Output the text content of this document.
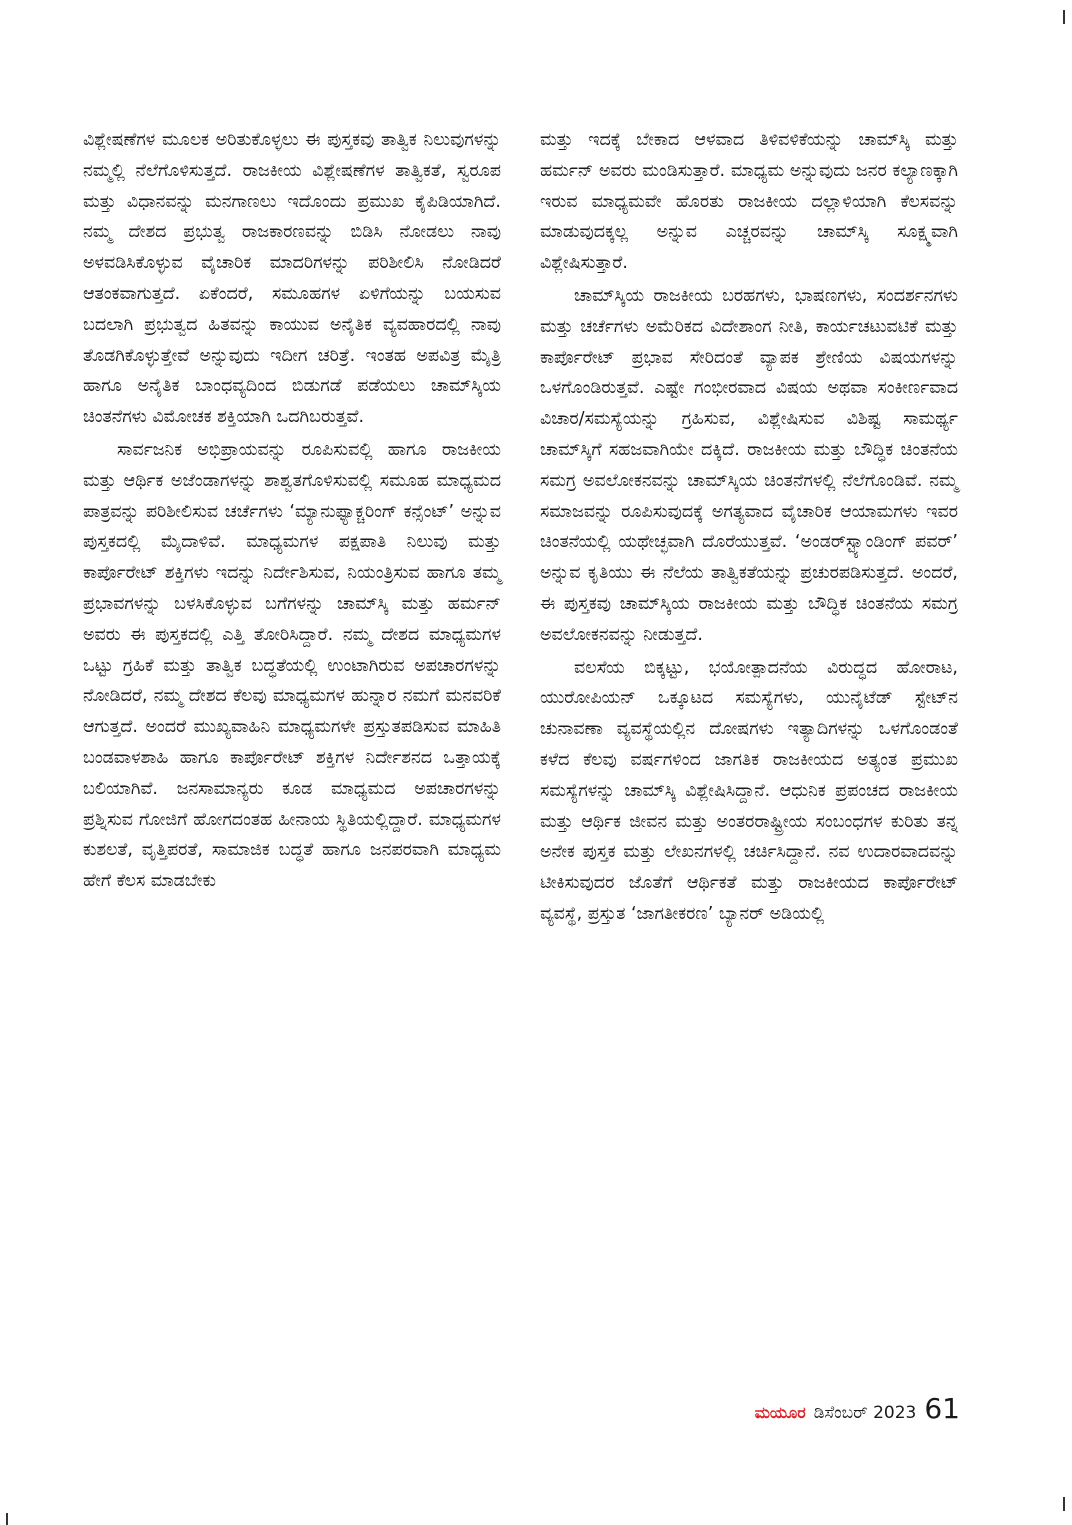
ವಿಶ್ಲೇಷಣೆಗಳ ಮೂಲಕ ಅರಿತುಕೊಳ್ಳಲು ಈ ಪುಸ್ತಕವು ತಾತ್ವಿಕ ನಿಲುವುಗಳನ್ನು ನಮ್ಮಲ್ಲಿ ನೆಲೆಗೊಳಿಸುತ್ತದೆ. ರಾಜಕೀಯ ವಿಶ್ಲೇಷಣೆಗಳ ತಾತ್ವಿಕತೆ, ಸ್ವರೂಪ ಮತ್ತು ವಿಧಾನವನ್ನು ಮನಗಾಣಲು ಇದೊಂದು ಪ್ರಮುಖ ಕೈಪಿಡಿಯಾಗಿದೆ. ನಮ್ಮ ದೇಶದ ಪ್ರಭುತ್ವ ರಾಜಕಾರಣವನ್ನು ಬಿಡಿಸಿ ನೋಡಲು ನಾವು ಅಳವಡಿಸಿಕೊಳ್ಳುವ ವೈಚಾರಿಕ ಮಾದರಿಗಳನ್ನು ಪರಿಶೀಲಿಸಿ ನೋಡಿದರೆ ಆತಂಕವಾಗುತ್ತದೆ. ಏಕೆಂದರೆ, ಸಮೂಹಗಳ ಏಳಿಗೆಯನ್ನು ಬಯಸುವ ಬದಲಾಗಿ ಪ್ರಭುತ್ವದ ಹಿತವನ್ನು ಕಾಯುವ ಅನೈತಿಕ ವ್ಯವಹಾರದಲ್ಲಿ ನಾವು ತೊಡಗಿಕೊಳ್ಳುತ್ತೇವೆ ಅನ್ನುವುದು ಇದೀಗ ಚರಿತ್ರೆ. ಇಂತಹ ಅಪವಿತ್ರ ಮೈತ್ರಿ ಹಾಗೂ ಅನೈತಿಕ ಬಾಂಧವ್ಯದಿಂದ ಬಿಡುಗಡೆ ಪಡೆಯಲು ಚಾಮ್‌ಸ್ಕಿಯ ಚಿಂತನೆಗಳು ವಿಮೋಚಕ ಶಕ್ತಿಯಾಗಿ ಒದಗಿಬರುತ್ತವೆ.

ಸಾರ್ವಜನಿಕ ಅಭಿಪ್ರಾಯವನ್ನು ರೂಪಿಸುವಲ್ಲಿ ಹಾಗೂ ರಾಜಕೀಯ ಮತ್ತು ಆರ್ಥಿಕ ಅಜೆಂಡಾಗಳನ್ನು ಶಾಶ್ವತಗೊಳಿಸುವಲ್ಲಿ ಸಮೂಹ ಮಾಧ್ಯಮದ ಪಾತ್ರವನ್ನು ಪರಿಶೀಲಿಸುವ ಚರ್ಚೆಗಳು ‘ಮ್ಯಾನುಫ್ಯಾಕ್ಚರಿಂಗ್ ಕನ್ಸೆಂಟ್’ ಅನ್ನುವ ಪುಸ್ತಕದಲ್ಲಿ ಮೈದಾಳಿವೆ. ಮಾಧ್ಯಮಗಳ ಪಕ್ಷಪಾತಿ ನಿಲುವು ಮತ್ತು ಕಾರ್ಪೊರೇಟ್ ಶಕ್ತಿಗಳು ಇದನ್ನು ನಿರ್ದೇಶಿಸುವ, ನಿಯಂತ್ರಿಸುವ ಹಾಗೂ ತಮ್ಮ ಪ್ರಭಾವಗಳನ್ನು ಬಳಸಿಕೊಳ್ಳುವ ಬಗೆಗಳನ್ನು ಚಾಮ್‌ಸ್ಕಿ ಮತ್ತು ಹರ್ಮನ್ ಅವರು ಈ ಪುಸ್ತಕದಲ್ಲಿ ಎತ್ತಿ ತೋರಿಸಿದ್ದಾರೆ. ನಮ್ಮ ದೇಶದ ಮಾಧ್ಯಮಗಳ ಒಟ್ಟು ಗ್ರಹಿಕೆ ಮತ್ತು ತಾತ್ವಿಕ ಬದ್ಧತೆಯಲ್ಲಿ ಉಂಟಾಗಿರುವ ಅಪಚಾರಗಳನ್ನು ನೋಡಿದರೆ, ನಮ್ಮ ದೇಶದ ಕೆಲವು ಮಾಧ್ಯಮಗಳ ಹುನ್ನಾರ ನಮಗೆ ಮನವರಿಕೆ ಆಗುತ್ತದೆ. ಅಂದರೆ ಮುಖ್ಯವಾಹಿನಿ ಮಾಧ್ಯಮಗಳೇ ಪ್ರಸ್ತುತಪಡಿಸುವ ಮಾಹಿತಿ ಬಂಡವಾಳಶಾಹಿ ಹಾಗೂ ಕಾರ್ಪೊರೇಟ್ ಶಕ್ತಿಗಳ ನಿರ್ದೇಶನದ ಒತ್ತಾಯಕ್ಕೆ ಬಲಿಯಾಗಿವೆ. ಜನಸಾಮಾನ್ಯರು ಕೂಡ ಮಾಧ್ಯಮದ ಅಪಚಾರಗಳನ್ನು ಪ್ರಶ್ನಿಸುವ ಗೋಜಿಗೆ ಹೋಗದಂತಹ ಹೀನಾಯ ಸ್ಥಿತಿಯಲ್ಲಿದ್ದಾರೆ. ಮಾಧ್ಯಮಗಳ ಕುಶಲತೆ, ವೃತ್ತಿಪರತೆ, ಸಾಮಾಜಿಕ ಬದ್ಧತೆ ಹಾಗೂ ಜನಪರವಾಗಿ ಮಾಧ್ಯಮ ಹೇಗೆ ಕೆಲಸ ಮಾಡಬೇಕು

ಮತ್ತು ಇದಕ್ಕೆ ಬೇಕಾದ ಆಳವಾದ ತಿಳಿವಳಿಕೆಯನ್ನು ಚಾಮ್‌ಸ್ಕಿ ಮತ್ತು ಹರ್ಮನ್ ಅವರು ಮಂಡಿಸುತ್ತಾರೆ. ಮಾಧ್ಯಮ ಅನ್ನುವುದು ಜನರ ಕಲ್ಯಾಣಕ್ಕಾಗಿ ಇರುವ ಮಾಧ್ಯಮವೇ ಹೊರತು ರಾಜಕೀಯ ದಲ್ಲಾಳಿಯಾಗಿ ಕೆಲಸವನ್ನು ಮಾಡುವುದಕ್ಕಲ್ಲ ಅನ್ನುವ ಎಚ್ಚರವನ್ನು ಚಾಮ್‌ಸ್ಕಿ ಸೂಕ್ಷ್ಮವಾಗಿ ವಿಶ್ಲೇಷಿಸುತ್ತಾರೆ.

ಚಾಮ್‌ಸ್ಕಿಯ ರಾಜಕೀಯ ಬರಹಗಳು, ಭಾಷಣಗಳು, ಸಂದರ್ಶನಗಳು ಮತ್ತು ಚರ್ಚೆಗಳು ಅಮೆರಿಕದ ವಿದೇಶಾಂಗ ನೀತಿ, ಕಾರ್ಯಚಟುವಟಿಕೆ ಮತ್ತು ಕಾರ್ಪೊರೇಟ್ ಪ್ರಭಾವ ಸೇರಿದಂತೆ ವ್ಯಾಪಕ ಶ್ರೇಣಿಯ ವಿಷಯಗಳನ್ನು ಒಳಗೊಂಡಿರುತ್ತವೆ. ಎಷ್ಟೇ ಗಂಭೀರವಾದ ವಿಷಯ ಅಥವಾ ಸಂಕೀರ್ಣವಾದ ವಿಚಾರ/ಸಮಸ್ಯೆಯನ್ನು ಗ್ರಹಿಸುವ, ವಿಶ್ಲೇಷಿಸುವ ವಿಶಿಷ್ಟ ಸಾಮರ್ಥ್ಯ ಚಾಮ್‌ಸ್ಕಿಗೆ ಸಹಜವಾಗಿಯೇ ದಕ್ಕಿದೆ. ರಾಜಕೀಯ ಮತ್ತು ಬೌದ್ಧಿಕ ಚಿಂತನೆಯ ಸಮಗ್ರ ಅವಲೋಕನವನ್ನು ಚಾಮ್‌ಸ್ಕಿಯ ಚಿಂತನೆಗಳಲ್ಲಿ ನೆಲೆಗೊಂಡಿವೆ. ನಮ್ಮ ಸಮಾಜವನ್ನು ರೂಪಿಸುವುದಕ್ಕೆ ಅಗತ್ಯವಾದ ವೈಚಾರಿಕ ಆಯಾಮಗಳು ಇವರ ಚಿಂತನೆಯಲ್ಲಿ ಯಥೇಚ್ಛವಾಗಿ ದೊರೆಯುತ್ತವೆ. ‘ಅಂಡರ್‌ಸ್ಟ್ಯಾಂಡಿಂಗ್ ಪವರ್’ ಅನ್ನುವ ಕೃತಿಯು ಈ ನೆಲೆಯ ತಾತ್ವಿಕತೆಯನ್ನು ಪ್ರಚುರಪಡಿಸುತ್ತದೆ. ಅಂದರೆ, ಈ ಪುಸ್ತಕವು ಚಾಮ್‌ಸ್ಕಿಯ ರಾಜಕೀಯ ಮತ್ತು ಬೌದ್ಧಿಕ ಚಿಂತನೆಯ ಸಮಗ್ರ ಅವಲೋಕನವನ್ನು ನೀಡುತ್ತದೆ.

ವಲಸೆಯ ಬಿಕ್ಕಟ್ಟು, ಭಯೋತ್ಪಾದನೆಯ ವಿರುದ್ಧದ ಹೋರಾಟ, ಯುರೋಪಿಯನ್ ಒಕ್ಕೂಟದ ಸಮಸ್ಯೆಗಳು, ಯುನೈಟೆಡ್ ಸ್ಟೇಟ್‌ನ ಚುನಾವಣಾ ವ್ಯವಸ್ಥೆಯಲ್ಲಿನ ದೋಷಗಳು ಇತ್ಯಾದಿಗಳನ್ನು ಒಳಗೊಂಡಂತೆ ಕಳೆದ ಕೆಲವು ವರ್ಷಗಳಿಂದ ಜಾಗತಿಕ ರಾಜಕೀಯದ ಅತ್ಯಂತ ಪ್ರಮುಖ ಸಮಸ್ಯೆಗಳನ್ನು ಚಾಮ್‌ಸ್ಕಿ ವಿಶ್ಲೇಷಿಸಿದ್ದಾನೆ. ಆಧುನಿಕ ಪ್ರಪಂಚದ ರಾಜಕೀಯ ಮತ್ತು ಆರ್ಥಿಕ ಜೀವನ ಮತ್ತು ಅಂತರರಾಷ್ಟ್ರೀಯ ಸಂಬಂಧಗಳ ಕುರಿತು ತನ್ನ ಅನೇಕ ಪುಸ್ತಕ ಮತ್ತು ಲೇಖನಗಳಲ್ಲಿ ಚರ್ಚಿಸಿದ್ದಾನೆ. ನವ ಉದಾರವಾದವನ್ನು ಟೀಕಿಸುವುದರ ಜೊತೆಗೆ ಆರ್ಥಿಕತೆ ಮತ್ತು ರಾಜಕೀಯದ ಕಾರ್ಪೊರೇಟ್ ವ್ಯವಸ್ಥೆ, ಪ್ರಸ್ತುತ ‘ಜಾಗತೀಕರಣ’ ಬ್ಯಾನರ್ ಅಡಿಯಲ್ಲಿ

ಮಯೂರ ಡಿಸೆಂಬರ್ 2023 61
